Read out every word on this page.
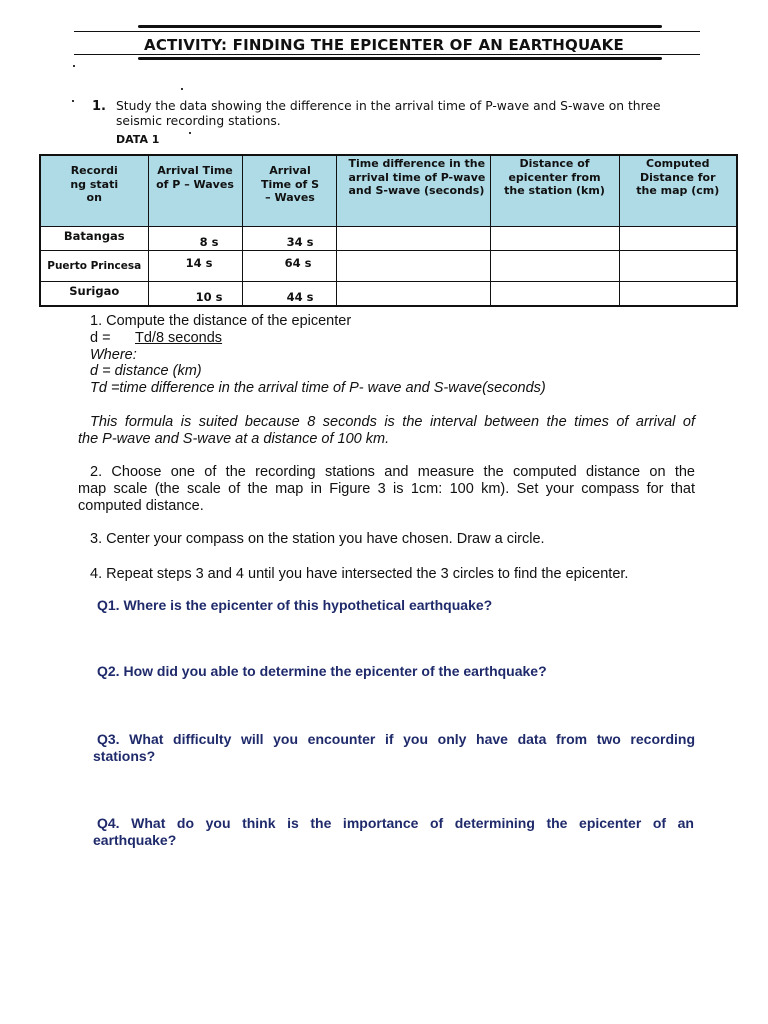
ACTIVITY: FINDING THE EPICENTER OF AN EARTHQUAKE
1. Study the data showing the difference in the arrival time of P-wave and S-wave on three seismic recording stations.
DATA 1
Recordi ng stati on	Arrival Time of P – Waves	Arrival Time of S – Waves	Time difference in the arrival time of P-wave and S-wave (seconds)	Distance of epicenter from the station (km)	Computed Distance for the map (cm)
Batangas	8 s	34 s			
Puerto Princesa	14 s	64 s			
Surigao	10 s	44 s			
1. Compute the distance of the epicenter
d = Td/8 seconds
Where:
d = distance (km)
Td =time difference in the arrival time of P- wave and S-wave(seconds)
This formula is suited because 8 seconds is the interval between the times of arrival of
the P-wave and S-wave at a distance of 100 km.
2. Choose one of the recording stations and measure the computed distance on the
map scale (the scale of the map in Figure 3 is 1cm: 100 km). Set your compass for that
computed distance.
3. Center your compass on the station you have chosen. Draw a circle.
4. Repeat steps 3 and 4 until you have intersected the 3 circles to find the epicenter.
Q1. Where is the epicenter of this hypothetical earthquake?
Q2. How did you able to determine the epicenter of the earthquake?
Q3. What difficulty will you encounter if you only have data from two recording
stations?
Q4. What do you think is the importance of determining the epicenter of an
earthquake?
